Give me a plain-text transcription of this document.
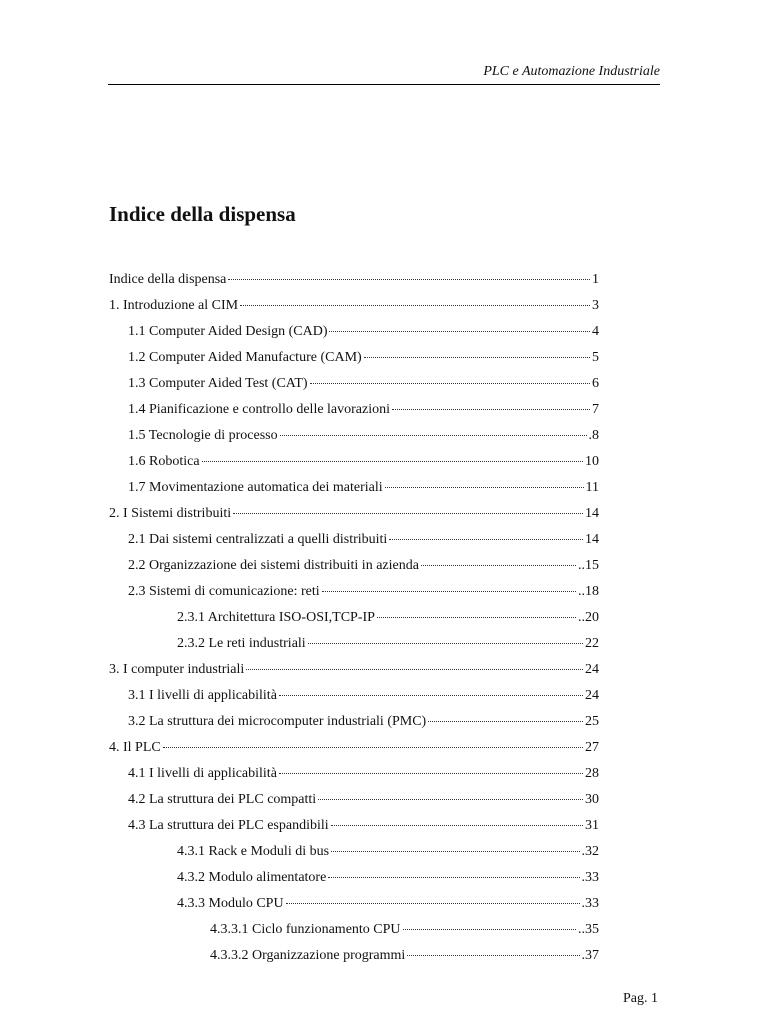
PLC e Automazione Industriale
Indice della dispensa
Indice della dispensa	1
1. Introduzione al CIM	3
1.1 Computer Aided Design (CAD)	4
1.2 Computer Aided Manufacture (CAM)	5
1.3 Computer Aided Test (CAT)	6
1.4 Pianificazione e controllo delle lavorazioni	7
1.5 Tecnologie di processo	.8
1.6 Robotica	10
1.7 Movimentazione automatica dei materiali	11
2. I Sistemi distribuiti	14
2.1 Dai sistemi centralizzati a quelli distribuiti	14
2.2 Organizzazione dei sistemi distribuiti in azienda	..15
2.3 Sistemi di comunicazione: reti	..18
2.3.1 Architettura ISO-OSI,TCP-IP	..20
2.3.2 Le reti industriali	22
3. I computer industriali	24
3.1 I livelli di applicabilità	24
3.2 La struttura dei microcomputer industriali (PMC)	25
4. Il PLC	27
4.1 I livelli di applicabilità	28
4.2 La struttura dei PLC compatti	30
4.3 La struttura dei PLC espandibili	31
4.3.1 Rack e Moduli di bus	.32
4.3.2 Modulo alimentatore	.33
4.3.3 Modulo CPU	.33
4.3.3.1 Ciclo funzionamento CPU	..35
4.3.3.2 Organizzazione programmi	.37
Pag. 1
